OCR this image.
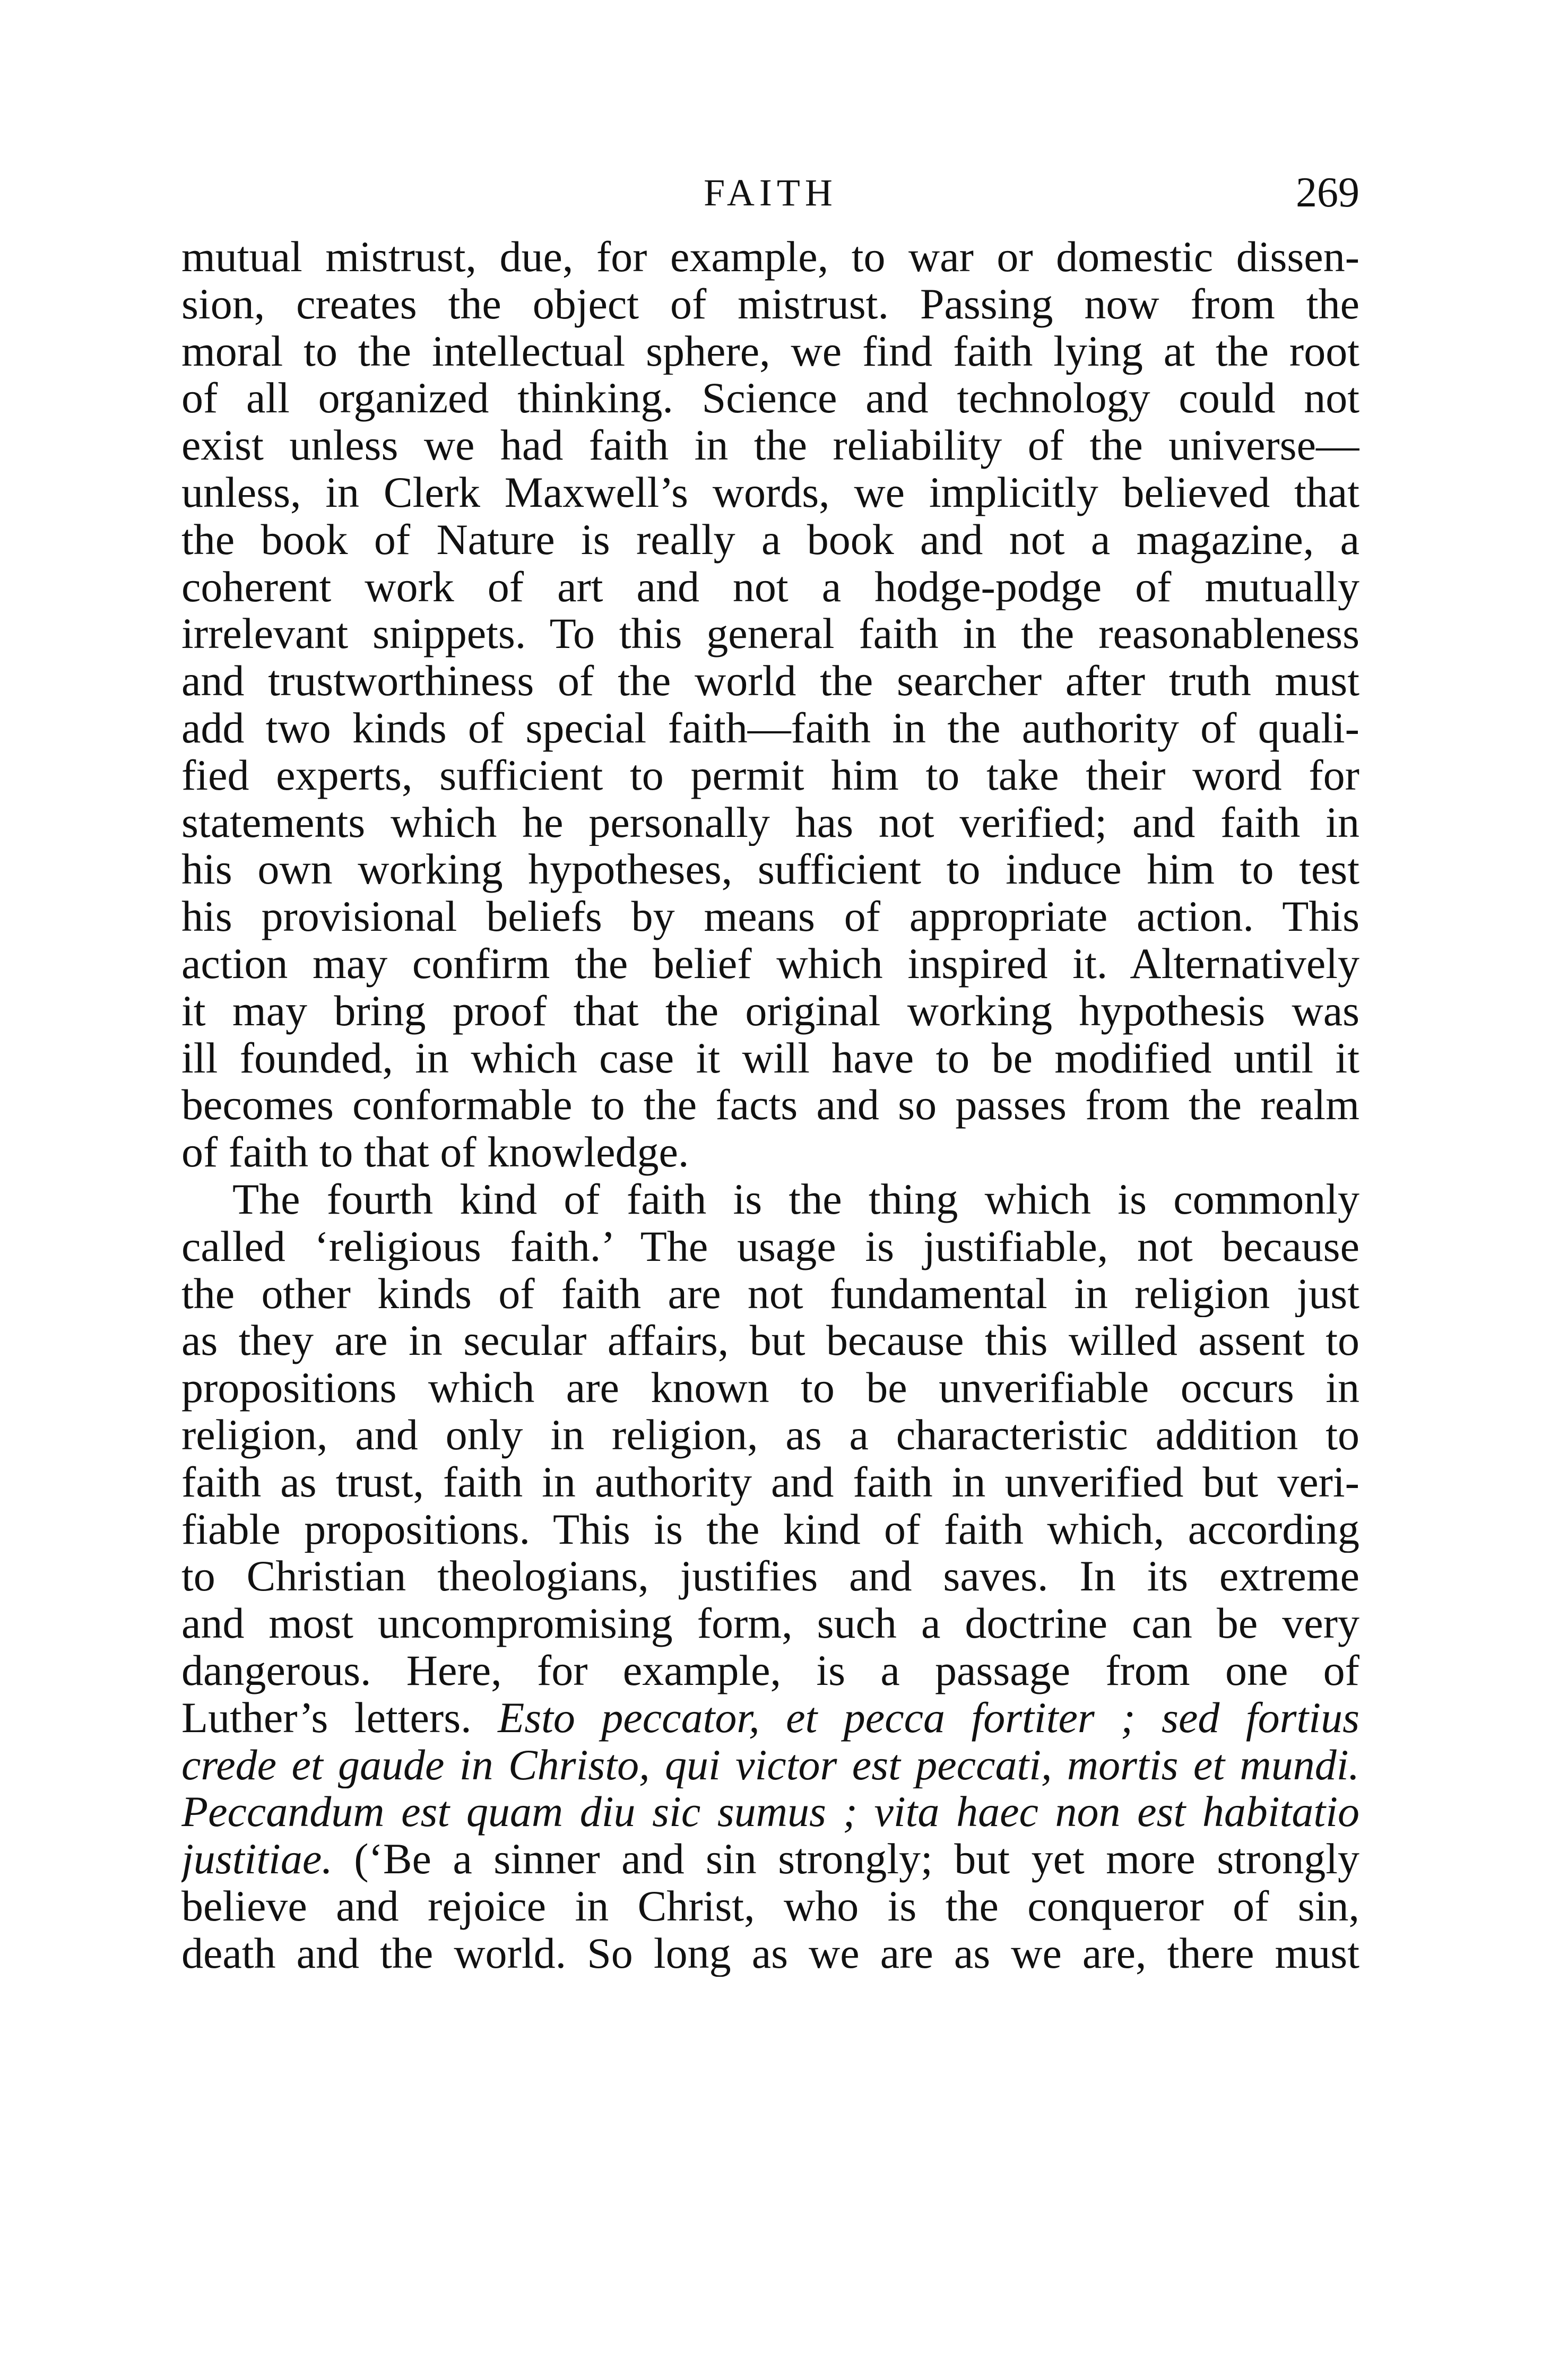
FAITH	269
mutual mistrust, due, for example, to war or domestic dissen-
sion, creates the object of mistrust. Passing now from the
moral to the intellectual sphere, we find faith lying at the root
of all organized thinking. Science and technology could not
exist unless we had faith in the reliability of the universe—
unless, in Clerk Maxwell’s words, we implicitly believed that
the book of Nature is really a book and not a magazine, a
coherent work of art and not a hodge-podge of mutually
irrelevant snippets. To this general faith in the reasonableness
and trustworthiness of the world the searcher after truth must
add two kinds of special faith—faith in the authority of quali-
fied experts, sufficient to permit him to take their word for
statements which he personally has not verified; and faith in
his own working hypotheses, sufficient to induce him to test
his provisional beliefs by means of appropriate action. This
action may confirm the belief which inspired it. Alternatively
it may bring proof that the original working hypothesis was
ill founded, in which case it will have to be modified until it
becomes conformable to the facts and so passes from the realm
of faith to that of knowledge.
The fourth kind of faith is the thing which is commonly
called ‘religious faith.’ The usage is justifiable, not because
the other kinds of faith are not fundamental in religion just
as they are in secular affairs, but because this willed assent to
propositions which are known to be unverifiable occurs in
religion, and only in religion, as a characteristic addition to
faith as trust, faith in authority and faith in unverified but veri-
fiable propositions. This is the kind of faith which, according
to Christian theologians, justifies and saves. In its extreme
and most uncompromising form, such a doctrine can be very
dangerous. Here, for example, is a passage from one of
Luther’s letters. Esto peccator, et pecca fortiter ; sed fortius
crede et gaude in Christo, qui victor est peccati, mortis et mundi.
Peccandum est quam diu sic sumus ; vita haec non est habitatio
justitiae. (‘Be a sinner and sin strongly; but yet more strongly
believe and rejoice in Christ, who is the conqueror of sin,
death and the world. So long as we are as we are, there must
